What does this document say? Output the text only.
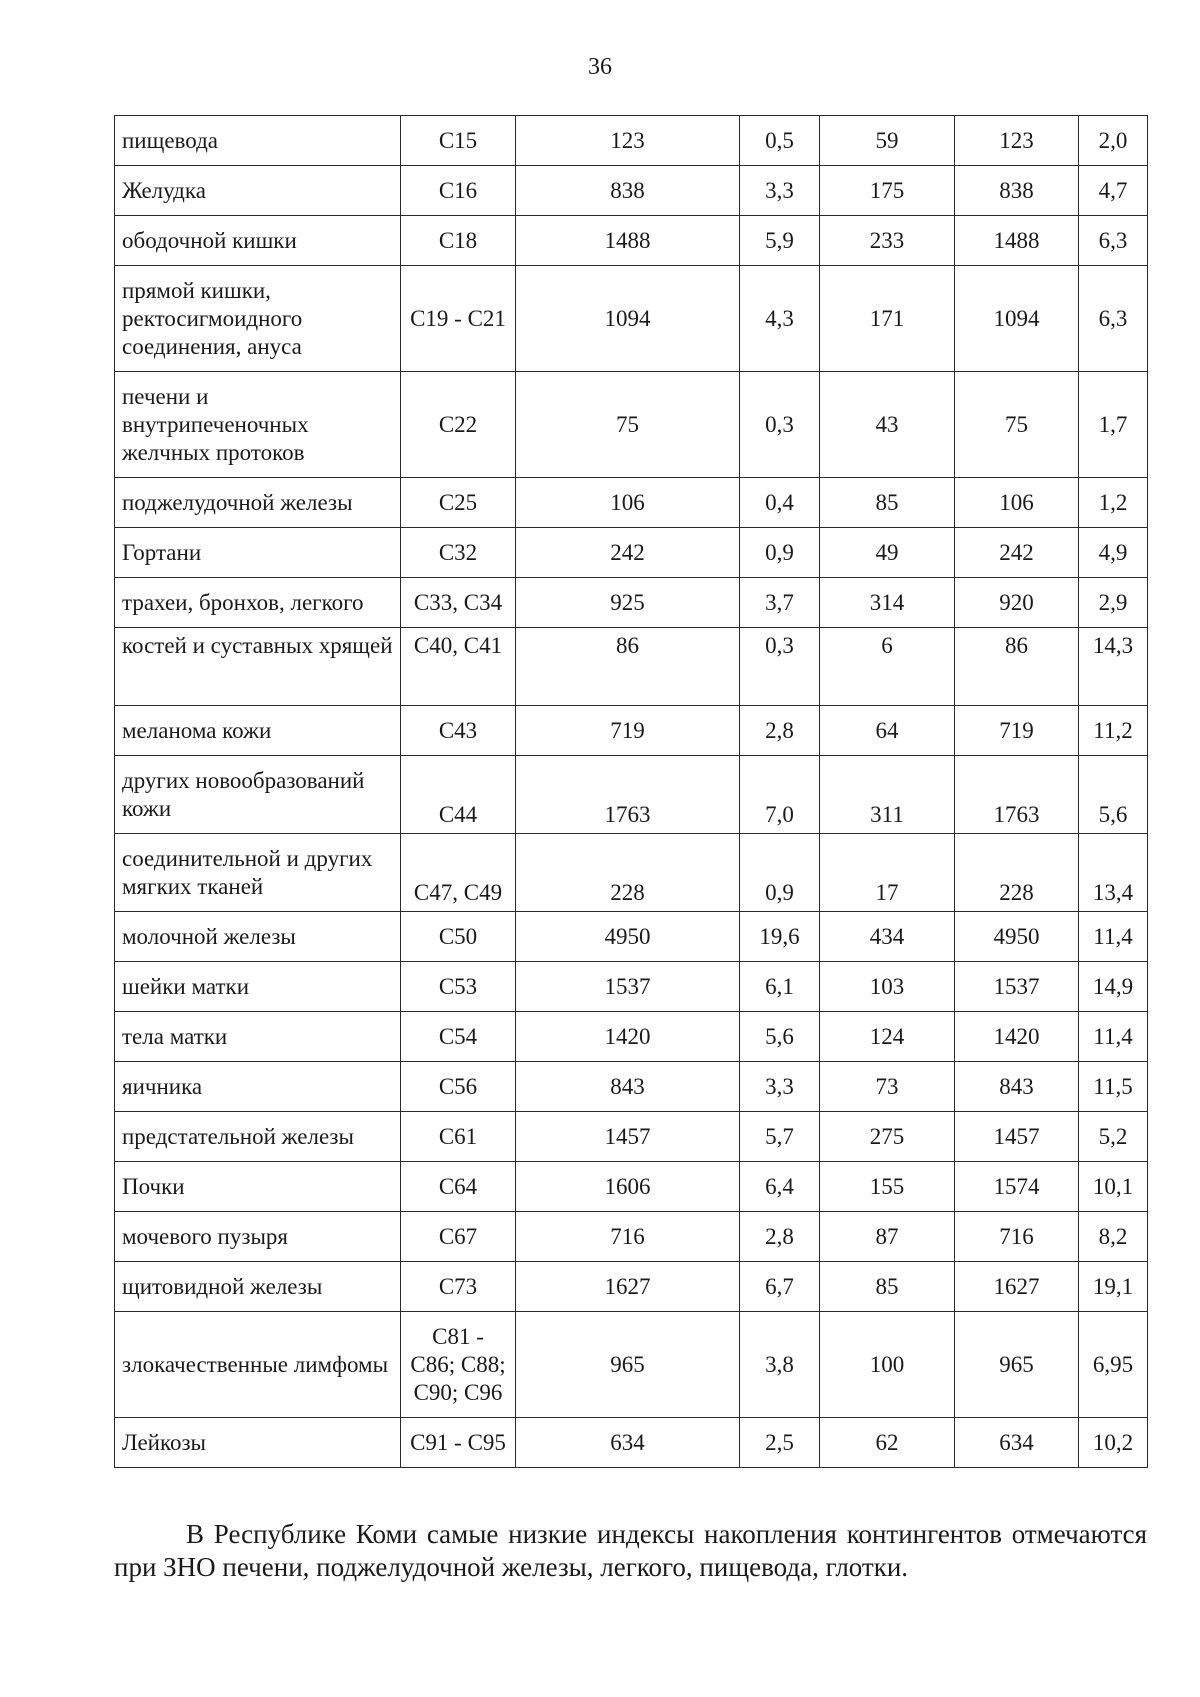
36
пищевода	С15	123	0,5	59	123	2,0
Желудка	С16	838	3,3	175	838	4,7
ободочной кишки	С18	1488	5,9	233	1488	6,3
прямой кишки, ректосигмоидного соединения, ануса	С19 - С21	1094	4,3	171	1094	6,3
печени и внутрипеченочных желчных протоков	С22	75	0,3	43	75	1,7
поджелудочной железы	С25	106	0,4	85	106	1,2
Гортани	С32	242	0,9	49	242	4,9
трахеи, бронхов, легкого	С33, С34	925	3,7	314	920	2,9
костей и суставных хрящей	С40, С41	86	0,3	6	86	14,3
меланома кожи	С43	719	2,8	64	719	11,2
других новообразований кожи	С44	1763	7,0	311	1763	5,6
соединительной и других мягких тканей	С47, С49	228	0,9	17	228	13,4
молочной железы	С50	4950	19,6	434	4950	11,4
шейки матки	С53	1537	6,1	103	1537	14,9
тела матки	С54	1420	5,6	124	1420	11,4
яичника	С56	843	3,3	73	843	11,5
предстательной железы	С61	1457	5,7	275	1457	5,2
Почки	С64	1606	6,4	155	1574	10,1
мочевого пузыря	С67	716	2,8	87	716	8,2
щитовидной железы	С73	1627	6,7	85	1627	19,1
злокачественные лимфомы	С81 - С86; С88; С90; С96	965	3,8	100	965	6,95
Лейкозы	С91 - С95	634	2,5	62	634	10,2

В Республике Коми самые низкие индексы накопления контингентов отмечаются при ЗНО печени, поджелудочной железы, легкого, пищевода, глотки.
